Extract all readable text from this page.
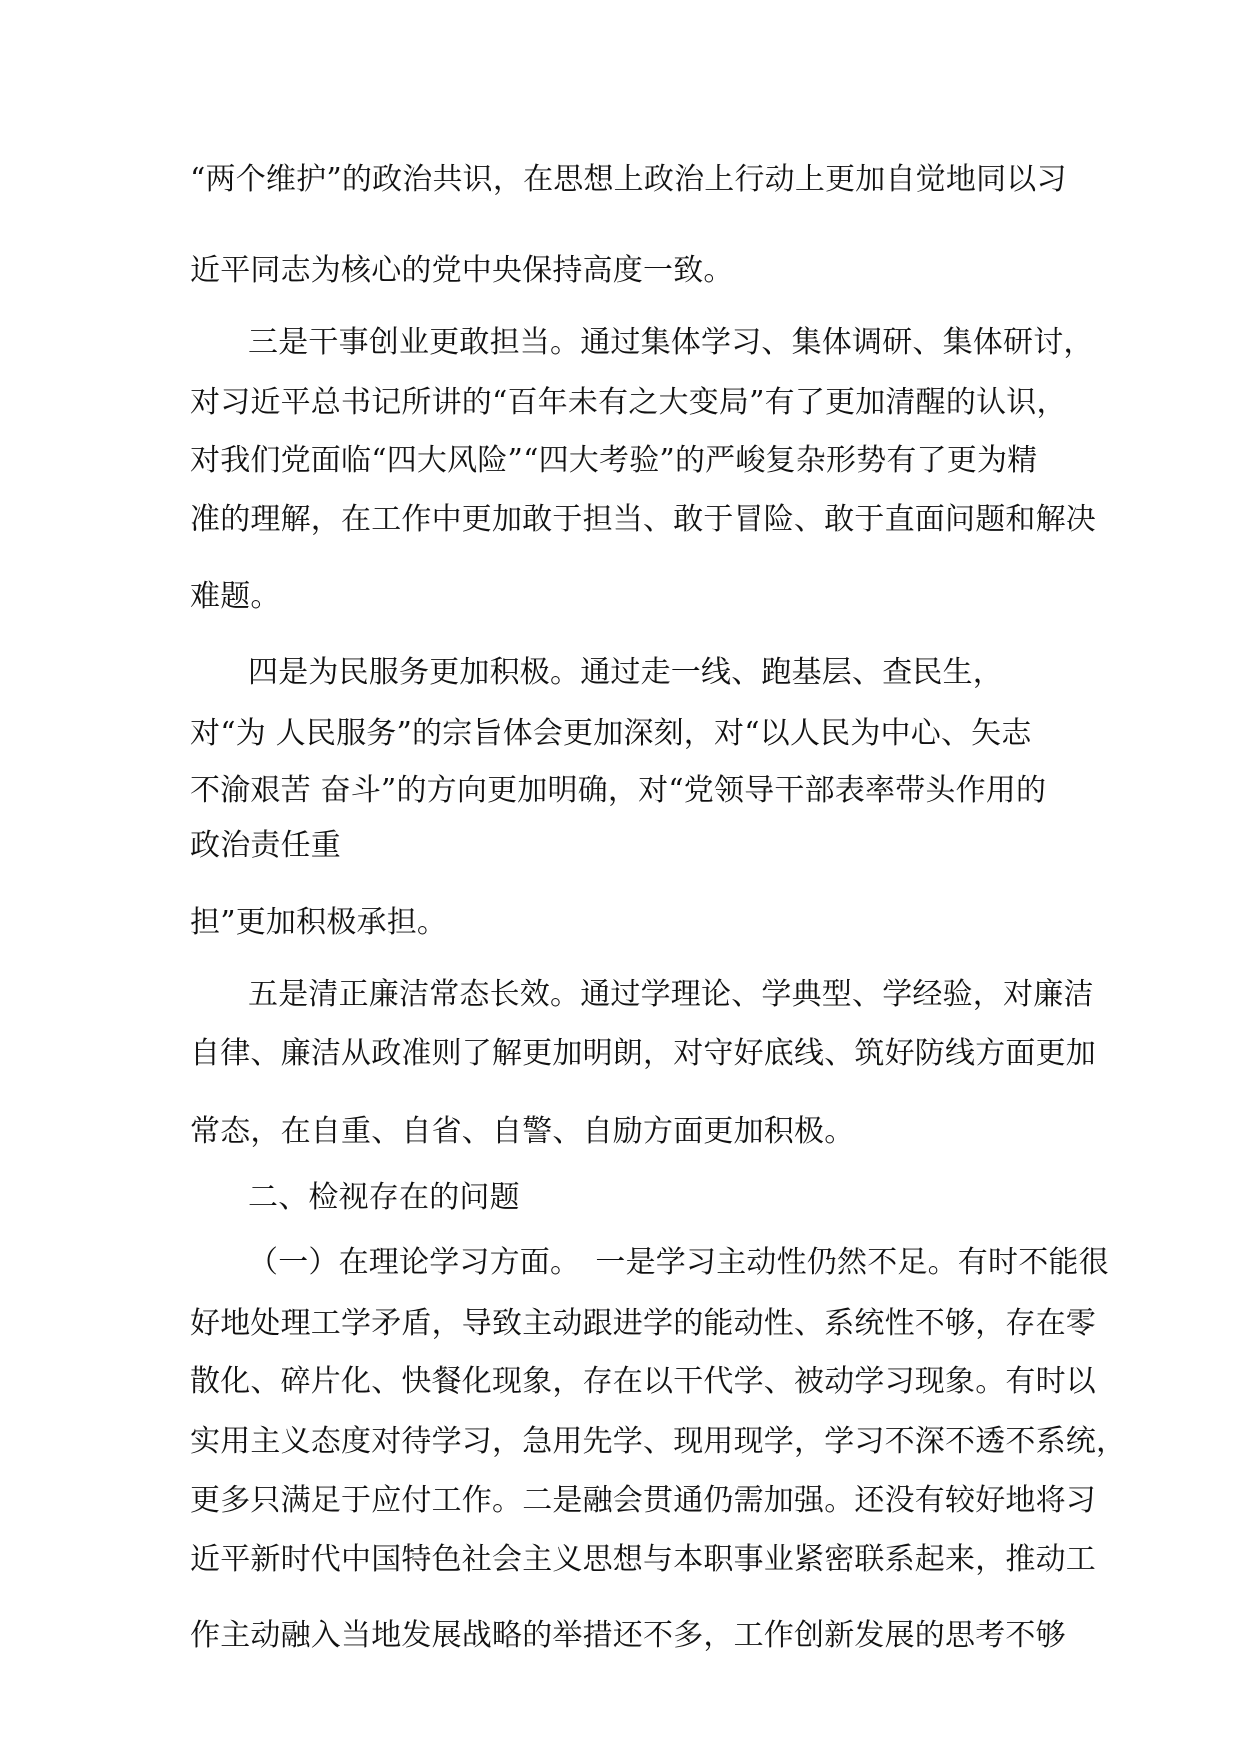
“两个维护”的政治共识，在思想上政治上行动上更加自觉地同以习
近平同志为核心的党中央保持高度一致。
三是干事创业更敢担当。通过集体学习、集体调研、集体研讨，
对习近平总书记所讲的“百年未有之大变局”有了更加清醒的认识，
对我们党面临“四大风险”“四大考验”的严峻复杂形势有了更为精
准的理解，在工作中更加敢于担当、敢于冒险、敢于直面问题和解决
难题。
四是为民服务更加积极。通过走一线、跑基层、查民生，
对“为 人民服务”的宗旨体会更加深刻，对“以人民为中心、矢志
不渝艰苦 奋斗”的方向更加明确，对“党领导干部表率带头作用的
政治责任重
担”更加积极承担。
五是清正廉洁常态长效。通过学理论、学典型、学经验，对廉洁
自律、廉洁从政准则了解更加明朗，对守好底线、筑好防线方面更加
常态，在自重、自省、自警、自励方面更加积极。
二、检视存在的问题
（一）在理论学习方面。　一是学习主动性仍然不足。有时不能很
好地处理工学矛盾，导致主动跟进学的能动性、系统性不够，存在零
散化、碎片化、快餐化现象，存在以干代学、被动学习现象。有时以
实用主义态度对待学习，急用先学、现用现学，学习不深不透不系统，
更多只满足于应付工作。二是融会贯通仍需加强。还没有较好地将习
近平新时代中国特色社会主义思想与本职事业紧密联系起来，推动工
作主动融入当地发展战略的举措还不多，工作创新发展的思考不够
